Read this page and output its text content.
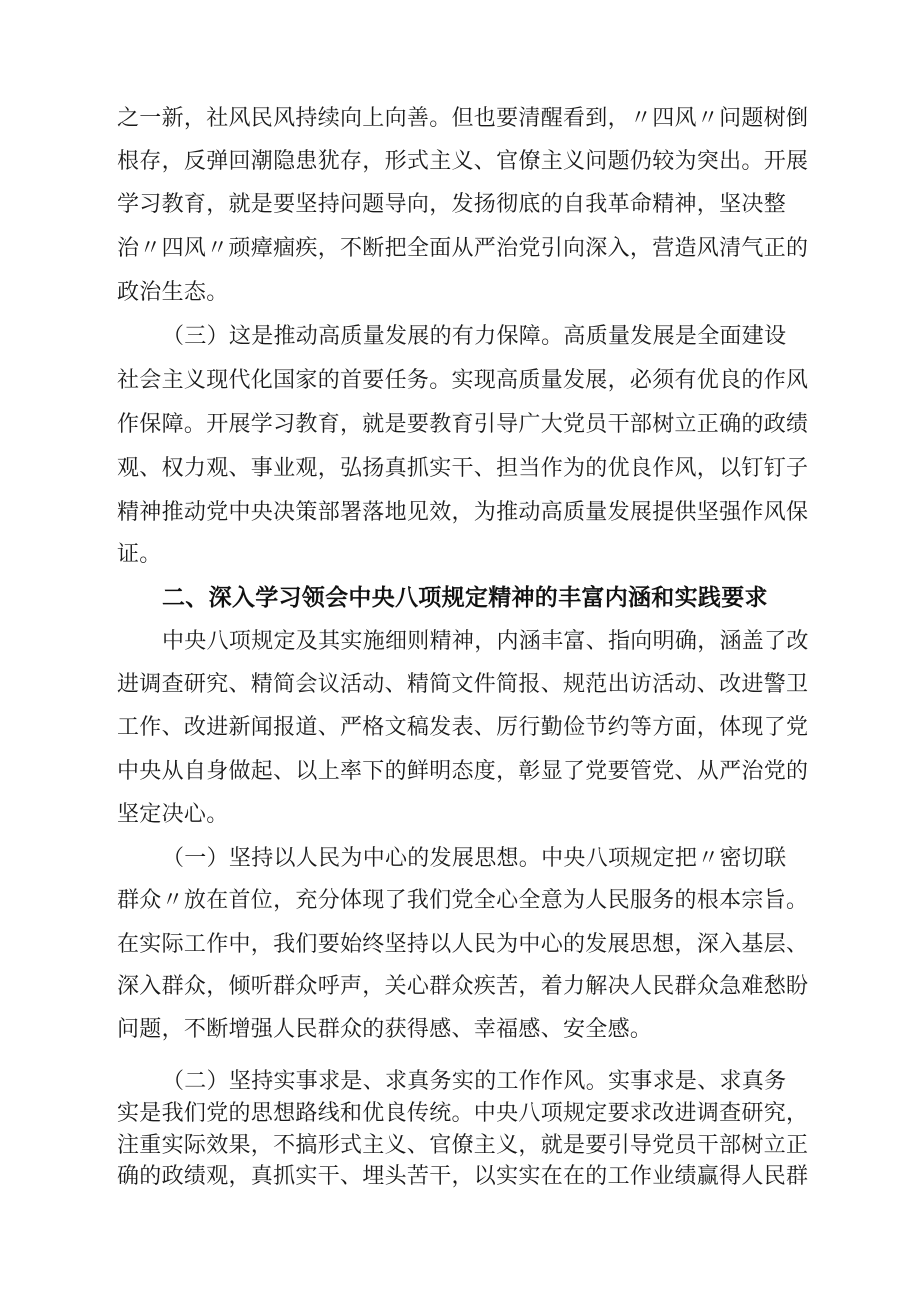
之一新，社风民风持续向上向善。但也要清醒看到，〃四风〃问题树倒

根存，反弹回潮隐患犹存，形式主义、官僚主义问题仍较为突出。开展

学习教育，就是要坚持问题导向，发扬彻底的自我革命精神，坚决整

治〃四风〃顽瘴痼疾，不断把全面从严治党引向深入，营造风清气正的

政治生态。

（三）这是推动高质量发展的有力保障。高质量发展是全面建设

社会主义现代化国家的首要任务。实现高质量发展，必须有优良的作风

作保障。开展学习教育，就是要教育引导广大党员干部树立正确的政绩

观、权力观、事业观，弘扬真抓实干、担当作为的优良作风，以钉钉子

精神推动党中央决策部署落地见效，为推动高质量发展提供坚强作风保

证。

二、深入学习领会中央八项规定精神的丰富内涵和实践要求

中央八项规定及其实施细则精神，内涵丰富、指向明确，涵盖了改

进调查研究、精简会议活动、精简文件简报、规范出访活动、改进警卫

工作、改进新闻报道、严格文稿发表、厉行勤俭节约等方面，体现了党

中央从自身做起、以上率下的鲜明态度，彰显了党要管党、从严治党的

坚定决心。

（一）坚持以人民为中心的发展思想。中央八项规定把〃密切联

群众〃放在首位，充分体现了我们党全心全意为人民服务的根本宗旨。

在实际工作中，我们要始终坚持以人民为中心的发展思想，深入基层、

深入群众，倾听群众呼声，关心群众疾苦，着力解决人民群众急难愁盼

问题，不断增强人民群众的获得感、幸福感、安全感。

（二）坚持实事求是、求真务实的工作作风。实事求是、求真务

实是我们党的思想路线和优良传统。中央八项规定要求改进调查研究，

注重实际效果，不搞形式主义、官僚主义，就是要引导党员干部树立正

确的政绩观，真抓实干、埋头苦干，以实实在在的工作业绩赢得人民群
